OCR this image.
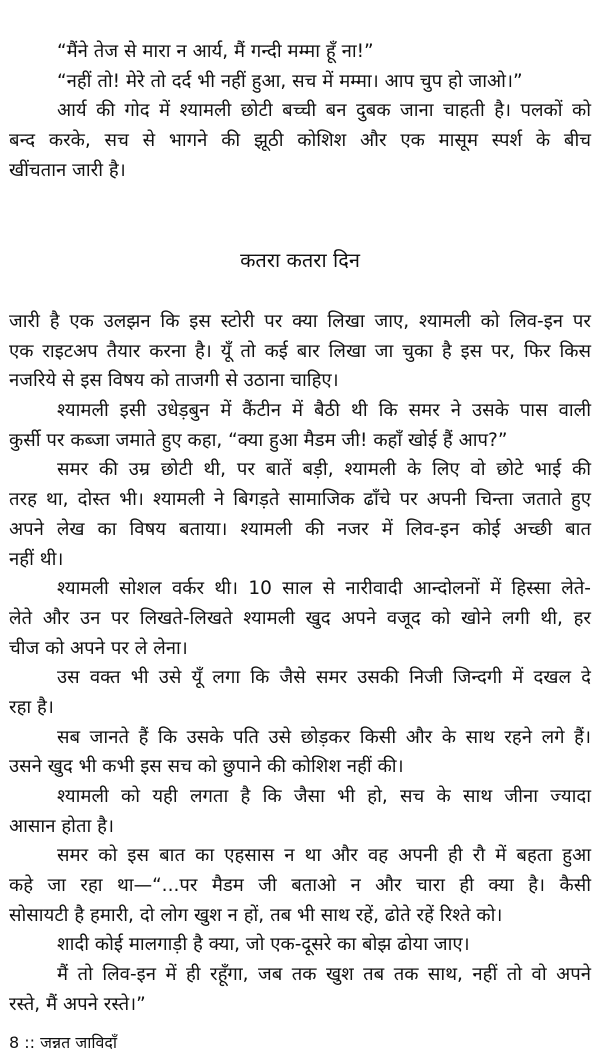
“मैंने तेज से मारा न आर्य, मैं गन्दी मम्मा हूँ ना!”
“नहीं तो! मेरे तो दर्द भी नहीं हुआ, सच में मम्मा। आप चुप हो जाओ।”
आर्य की गोद में श्यामली छोटी बच्ची बन दुबक जाना चाहती है। पलकों को
बन्द करके, सच से भागने की झूठी कोशिश और एक मासूम स्पर्श के बीच
खींचतान जारी है।
कतरा कतरा दिन
जारी है एक उलझन कि इस स्टोरी पर क्या लिखा जाए, श्यामली को लिव-इन पर
एक राइटअप तैयार करना है। यूँ तो कई बार लिखा जा चुका है इस पर, फिर किस
नजरिये से इस विषय को ताजगी से उठाना चाहिए।
श्यामली इसी उधेड़बुन में कैंटीन में बैठी थी कि समर ने उसके पास वाली
कुर्सी पर कब्जा जमाते हुए कहा, “क्या हुआ मैडम जी! कहाँ खोई हैं आप?”
समर की उम्र छोटी थी, पर बातें बड़ी, श्यामली के लिए वो छोटे भाई की
तरह था, दोस्त भी। श्यामली ने बिगड़ते सामाजिक ढाँचे पर अपनी चिन्ता जताते हुए
अपने लेख का विषय बताया। श्यामली की नजर में लिव-इन कोई अच्छी बात
नहीं थी।
श्यामली सोशल वर्कर थी। 10 साल से नारीवादी आन्दोलनों में हिस्सा लेते-
लेते और उन पर लिखते-लिखते श्यामली खुद अपने वजूद को खोने लगी थी, हर
चीज को अपने पर ले लेना।
उस वक्त भी उसे यूँ लगा कि जैसे समर उसकी निजी जिन्दगी में दखल दे
रहा है।
सब जानते हैं कि उसके पति उसे छोड़कर किसी और के साथ रहने लगे हैं।
उसने खुद भी कभी इस सच को छुपाने की कोशिश नहीं की।
श्यामली को यही लगता है कि जैसा भी हो, सच के साथ जीना ज्यादा
आसान होता है।
समर को इस बात का एहसास न था और वह अपनी ही रौ में बहता हुआ
कहे जा रहा था—“...पर मैडम जी बताओ न और चारा ही क्या है। कैसी
सोसायटी है हमारी, दो लोग खुश न हों, तब भी साथ रहें, ढोते रहें रिश्ते को।
शादी कोई मालगाड़ी है क्या, जो एक-दूसरे का बोझ ढोया जाए।
मैं तो लिव-इन में ही रहूँगा, जब तक खुश तब तक साथ, नहीं तो वो अपने
रस्ते, मैं अपने रस्ते।”
8 :: जन्नत जाविदाँ
